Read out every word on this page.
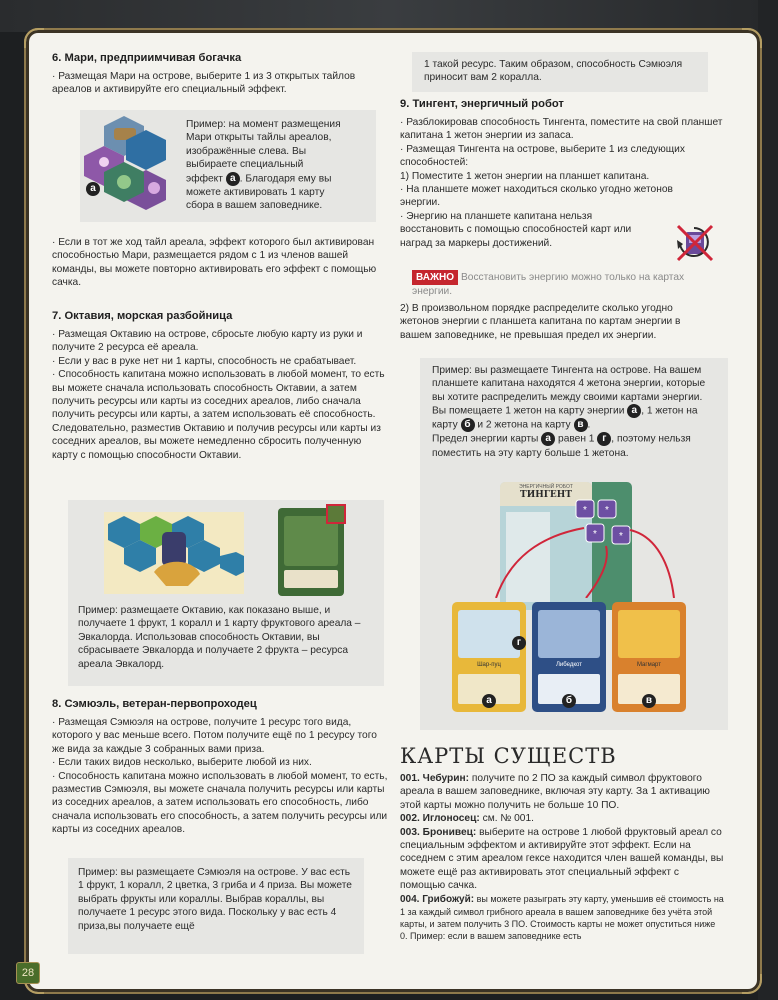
6. Мари, предприимчивая богачка

· Размещая Мари на острове, выберите 1 из 3 открытых тайлов ареалов и активируйте его специальный эффект.

а

Пример: на момент размещения

Мари открыты тайлы ареалов,

изображённые слева. Вы

выбираете специальный

эффект а . Благодаря ему вы

можете активировать 1 карту

сбора в вашем заповеднике.

· Если в тот же ход тайл ареала, эффект которого был активирован способностью Мари, размещается рядом с 1 из членов вашей команды, вы можете повторно активировать его эффект с помощью сачка.

7. Октавия, морская разбойница

· Размещая Октавию на острове, сбросьте любую карту из руки и получите 2 ресурса её ареала.

· Если у вас в руке нет ни 1 карты, способность не срабатывает.

· Способность капитана можно использовать в любой момент, то есть вы можете сначала использовать способность Октавии, а затем получить ресурсы или карты из соседних ареалов, либо сначала получить ресурсы или карты, а затем использовать её способность. Следовательно, разместив Октавию и получив ресурсы или карты из соседних ареалов, вы можете немедленно сбросить полученную карту с помощью способности Октавии.

Пример: размещаете Октавию, как показано выше, и получаете 1 фрукт, 1 коралл и 1 карту фруктового ареала – Эвкалорда. Использовав способность Октавии, вы сбрасываете Эвкалорда и получаете 2 фрукта – ресурса ареала Эвкалорд.

8. Сэмюэль, ветеран-первопроходец

· Размещая Сэмюэля на острове, получите 1 ресурс того вида, которого у вас меньше всего. Потом получите ещё по 1 ресурсу того же вида за каждые 3 собранных вами приза.

· Если таких видов несколько, выберите любой из них.

· Способность капитана можно использовать в любой момент, то есть, разместив Сэмюэля, вы можете сначала получить ресурсы или карты из соседних ареалов, а затем использовать его способность, либо сначала использовать его способность, а затем получить ресурсы или карты из соседних ареалов.

Пример: вы размещаете Сэмюэля на острове. У вас есть 1 фрукт, 1 коралл, 2 цветка, 3 гриба и 4 приза. Вы можете выбрать фрукты или кораллы. Выбрав кораллы, вы получаете 1 ресурс этого вида. Поскольку у вас есть 4 приза,вы получаете ещё

1 такой ресурс. Таким образом, способность Сэмюэля приносит вам 2 коралла.

9. Тингент, энергичный робот

· Разблокировав способность Тингента, поместите на свой планшет капитана 1 жетон энергии из запаса.

· Размещая Тингента на острове, выберите 1 из следующих способностей:

1) Поместите 1 жетон энергии на планшет капитана.

· На планшете может находиться сколько угодно жетонов энергии.

· Энергию на планшете капитана нельзя восстановить с помощью способностей карт или наград за маркеры достижений.

ВАЖНО Восстановить энергию можно только на картах энергии.

2) В произвольном порядке распределите сколько угодно жетонов энергии с планшета капитана по картам энергии в вашем заповеднике, не превышая предел их энергии.

Пример: вы размещаете Тингента на острове. На вашем планшете капитана находятся 4 жетона энергии, которые вы хотите распределить между своими картами энергии. Вы помещаете 1 жетон на карту энергии а , 1 жетон на карту б и 2 жетона на карту в .

Предел энергии карты а равен 1 г , поэтому нельзя поместить на эту карту больше 1 жетона.

ЭНЕРГИЧНЫЙ РОБОТ
ТИНГЕНТ
* *
* *
Шар-пуц
г
а
Либедкот
б
Магмарт
в

КАРТЫ СУЩЕСТВ

001. Чебурин: получите по 2 ПО за каждый символ фруктового ареала в вашем заповеднике, включая эту карту. За 1 активацию этой карты можно получить не больше 10 ПО.

002. Иглоносец: см. № 001.

003. Бронивец: выберите на острове 1 любой фруктовый ареал со специальным эффектом и активируйте этот эффект. Если на соседнем с этим ареалом гексе находится член вашей команды, вы можете ещё раз активировать этот специальный эффект с помощью сачка.

004. Грибожуй: вы можете разыграть эту карту, уменьшив её стоимость на 1 за каждый символ грибного ареала в вашем заповеднике без учёта этой карты, и затем получить 3 ПО. Стоимость карты не может опуститься ниже 0. Пример: если в вашем заповеднике есть

28
